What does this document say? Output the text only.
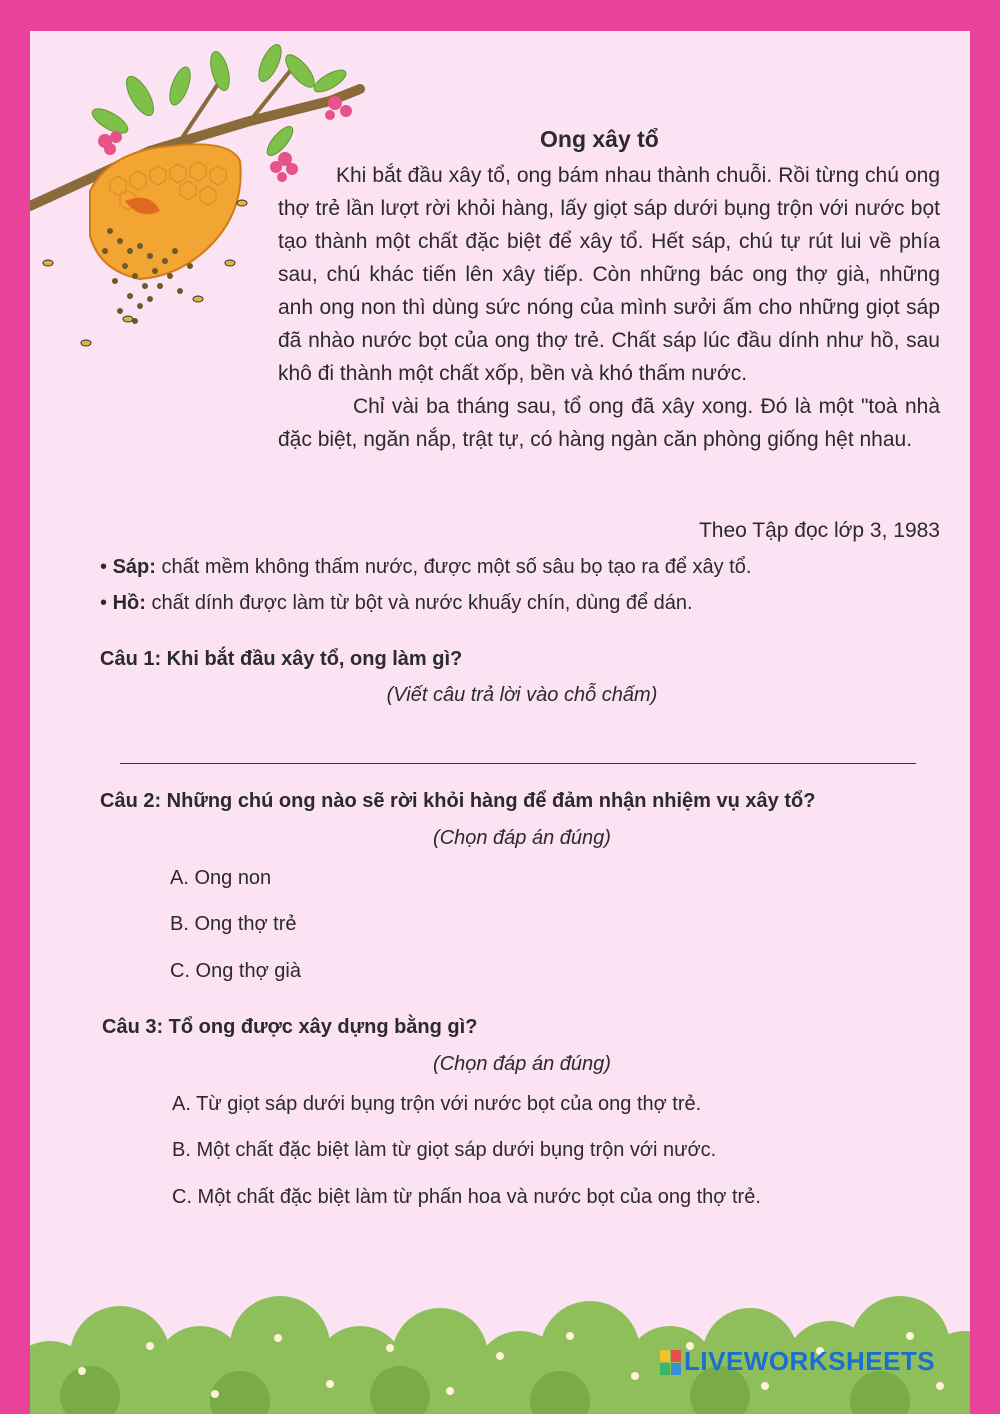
Ong xây tổ

Khi bắt đầu xây tổ, ong bám nhau thành chuỗi. Rồi từng chú ong thợ trẻ lần lượt rời khỏi hàng, lấy giọt sáp dưới bụng trộn với nước bọt tạo thành một chất đặc biệt để xây tổ. Hết sáp, chú tự rút lui về phía sau, chú khác tiến lên xây tiếp. Còn những bác ong thợ già, những anh ong non thì dùng sức nóng của mình sưởi ấm cho những giọt sáp đã nhào nước bọt của ong thợ trẻ. Chất sáp lúc đầu dính như hồ, sau khô đi thành một chất xốp, bền và khó thấm nước.

Chỉ vài ba tháng sau, tổ ong đã xây xong. Đó là một "toà nhà đặc biệt, ngăn nắp, trật tự, có hàng ngàn căn phòng giống hệt nhau.

Theo Tập đọc lớp 3, 1983
• Sáp: chất mềm không thấm nước, được một số sâu bọ tạo ra để xây tổ.
• Hồ: chất dính được làm từ bột và nước khuấy chín, dùng để dán.
Câu 1: Khi bắt đầu xây tổ, ong làm gì?
(Viết câu trả lời vào chỗ chấm)
Câu 2: Những chú ong nào sẽ rời khỏi hàng để đảm nhận nhiệm vụ xây tổ?
(Chọn đáp án đúng)
A. Ong non
B. Ong thợ trẻ
C. Ong thợ già
Câu 3: Tổ ong được xây dựng bằng gì?
(Chọn đáp án đúng)
A. Từ giọt sáp dưới bụng trộn với nước bọt của ong thợ trẻ.
B. Một chất đặc biệt làm từ giọt sáp dưới bụng trộn với nước.
C. Một chất đặc biệt làm từ phấn hoa và nước bọt của ong thợ trẻ.
LIVEWORKSHEETS
